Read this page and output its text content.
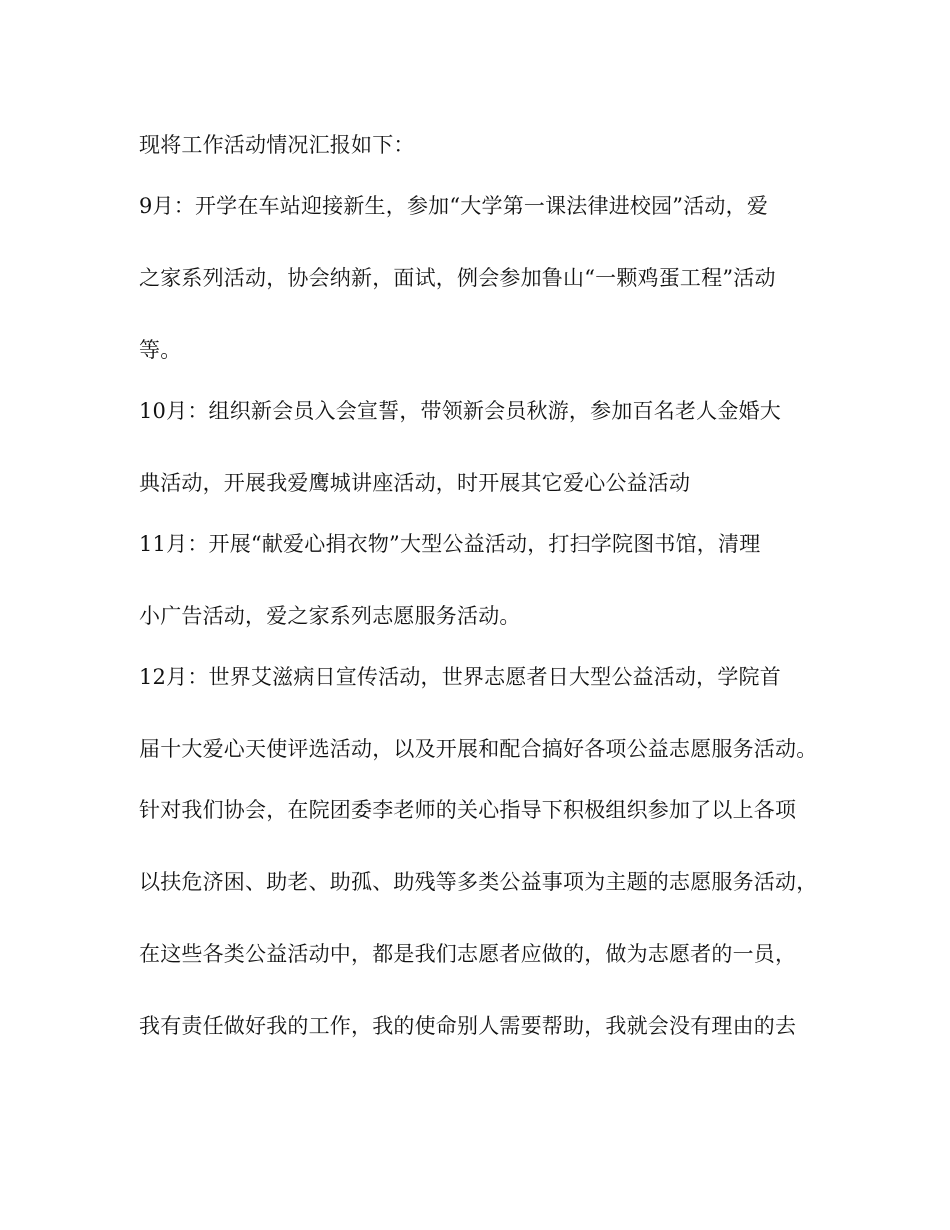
现将工作活动情况汇报如下：
9月：开学在车站迎接新生，参加“大学第一课法律进校园”活动，爱
之家系列活动，协会纳新，面试，例会参加鲁山“一颗鸡蛋工程”活动
等。
10月：组织新会员入会宣誓，带领新会员秋游，参加百名老人金婚大
典活动，开展我爱鹰城讲座活动，时开展其它爱心公益活动
11月：开展“献爱心捐衣物”大型公益活动，打扫学院图书馆，清理
小广告活动，爱之家系列志愿服务活动。
12月：世界艾滋病日宣传活动，世界志愿者日大型公益活动，学院首
届十大爱心天使评选活动，以及开展和配合搞好各项公益志愿服务活动。
针对我们协会，在院团委李老师的关心指导下积极组织参加了以上各项
以扶危济困、助老、助孤、助残等多类公益事项为主题的志愿服务活动，
在这些各类公益活动中，都是我们志愿者应做的，做为志愿者的一员，
我有责任做好我的工作，我的使命别人需要帮助，我就会没有理由的去
